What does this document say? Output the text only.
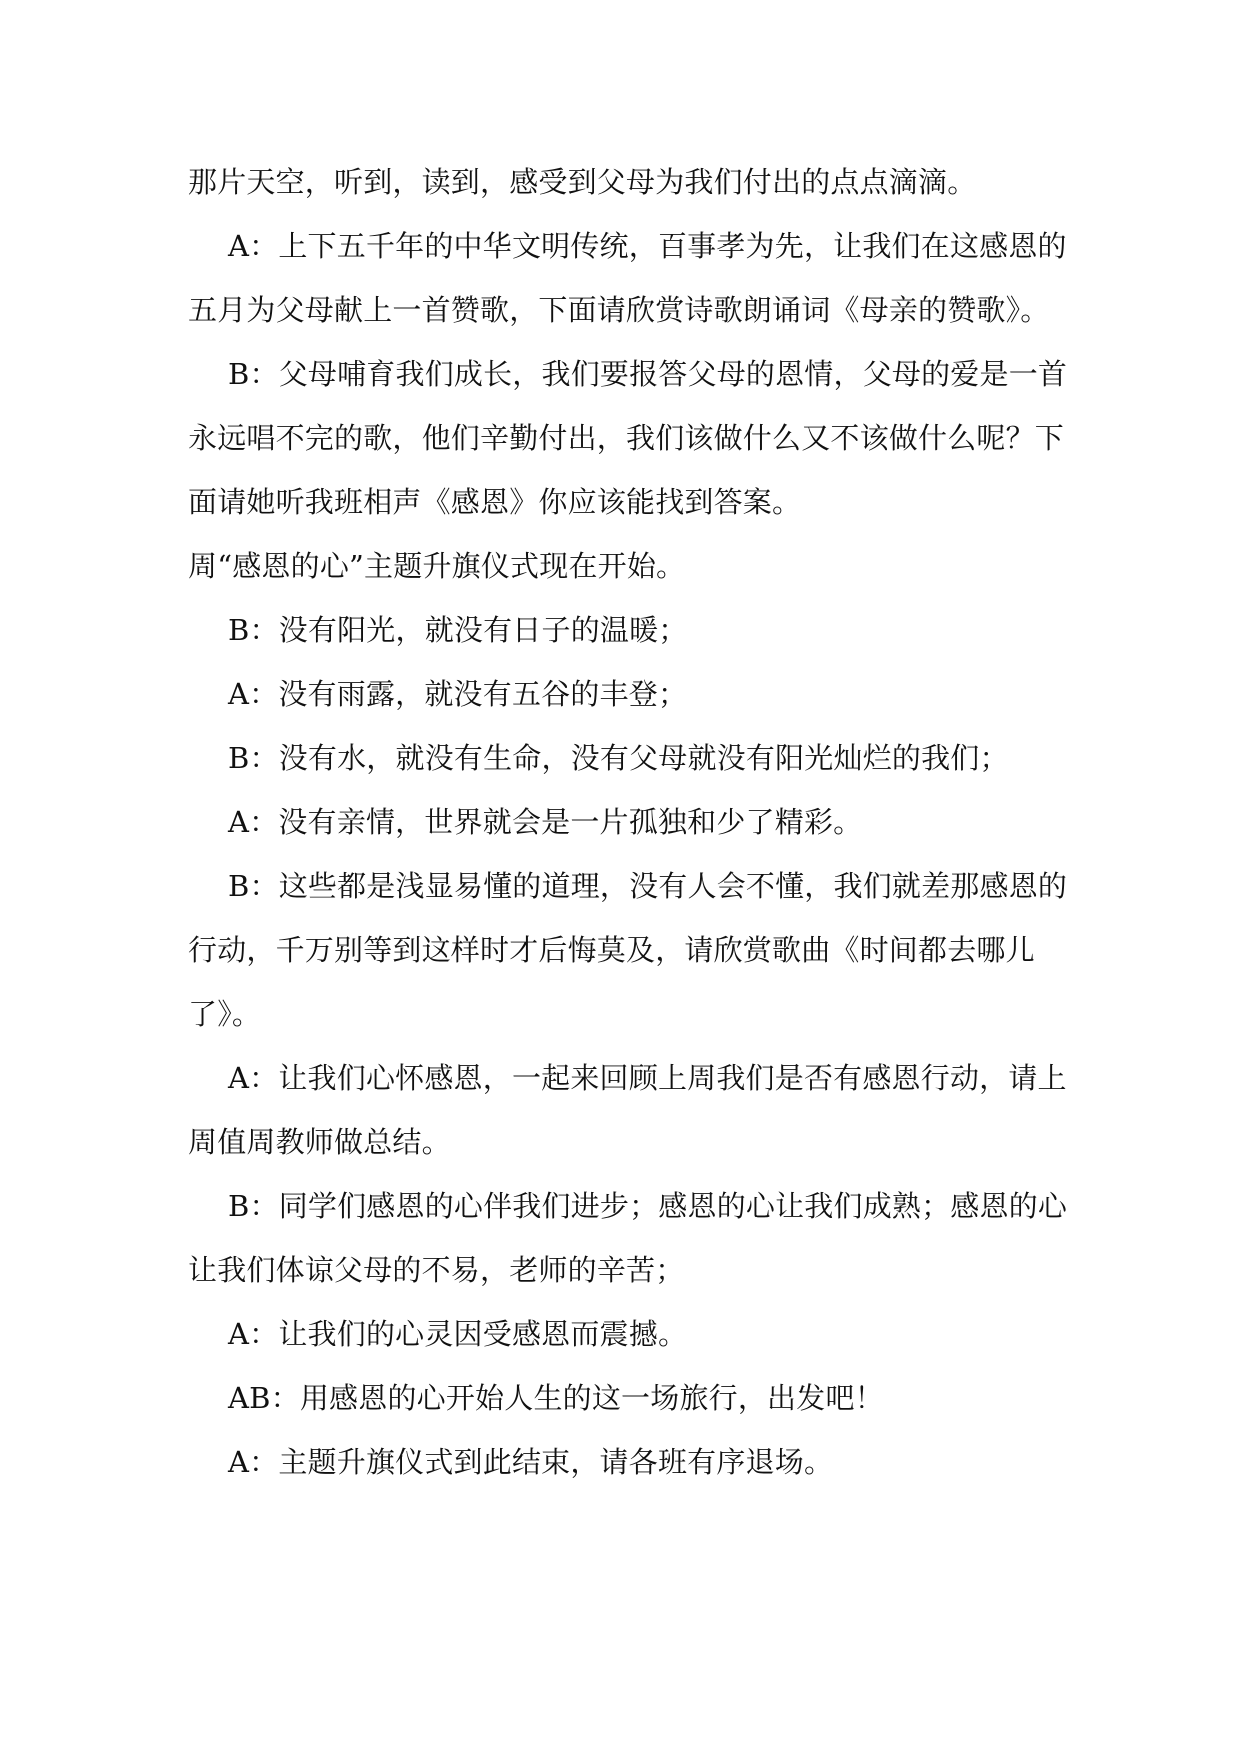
那片天空，听到，读到，感受到父母为我们付出的点点滴滴。
A：上下五千年的中华文明传统，百事孝为先，让我们在这感恩的
五月为父母献上一首赞歌，下面请欣赏诗歌朗诵词《母亲的赞歌》。
B：父母哺育我们成长，我们要报答父母的恩情，父母的爱是一首
永远唱不完的歌，他们辛勤付出，我们该做什么又不该做什么呢？下
面请她听我班相声《感恩》你应该能找到答案。
周“感恩的心”主题升旗仪式现在开始。
B：没有阳光，就没有日子的温暖；
A：没有雨露，就没有五谷的丰登；
B：没有水，就没有生命，没有父母就没有阳光灿烂的我们；
A：没有亲情，世界就会是一片孤独和少了精彩。
B：这些都是浅显易懂的道理，没有人会不懂，我们就差那感恩的
行动，千万别等到这样时才后悔莫及，请欣赏歌曲《时间都去哪儿
了》。
A：让我们心怀感恩，一起来回顾上周我们是否有感恩行动，请上
周值周教师做总结。
B：同学们感恩的心伴我们进步；感恩的心让我们成熟；感恩的心
让我们体谅父母的不易，老师的辛苦；
A：让我们的心灵因受感恩而震撼。
AB：用感恩的心开始人生的这一场旅行，出发吧！
A：主题升旗仪式到此结束，请各班有序退场。
